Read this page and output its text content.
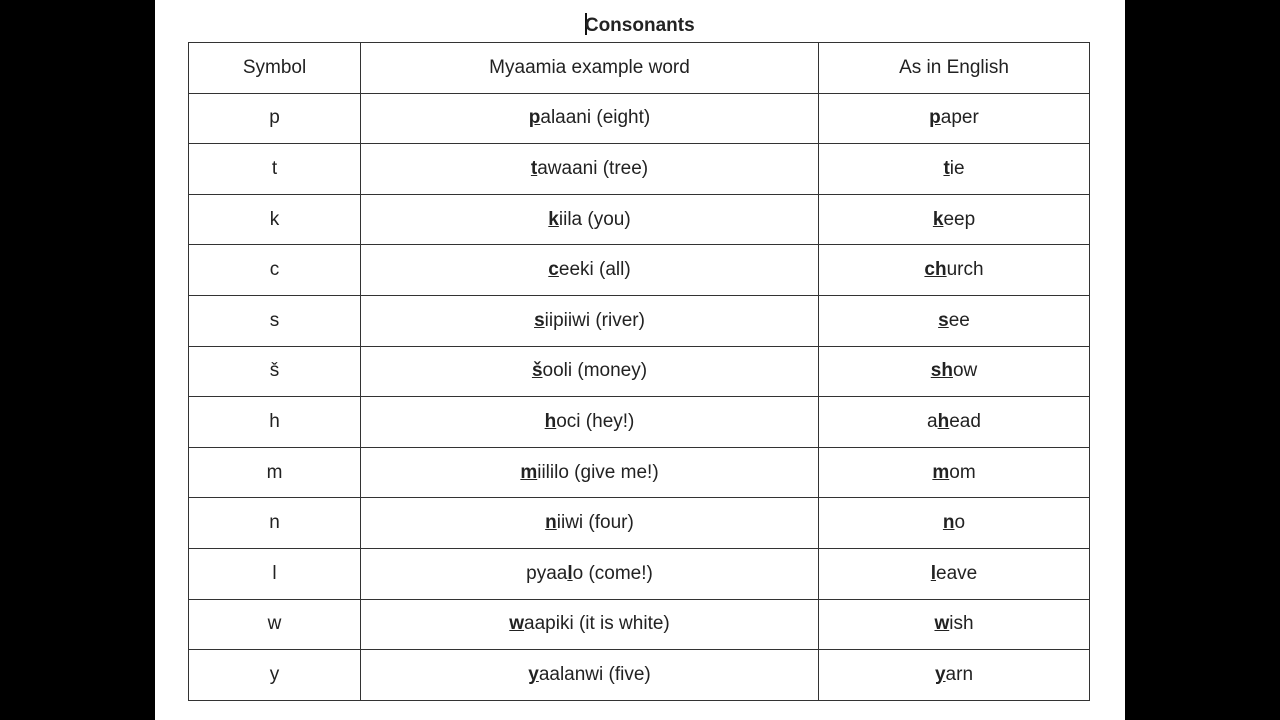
Consonants
Symbol	Myaamia example word	As in English
p	palaani (eight)	paper
t	tawaani (tree)	tie
k	kiila (you)	keep
c	ceeki (all)	church
s	siipiiwi (river)	see
š	šooli (money)	show
h	hoci (hey!)	ahead
m	miililo (give me!)	mom
n	niiwi (four)	no
l	pyaalo (come!)	leave
w	waapiki (it is white)	wish
y	yaalanwi (five)	yarn
